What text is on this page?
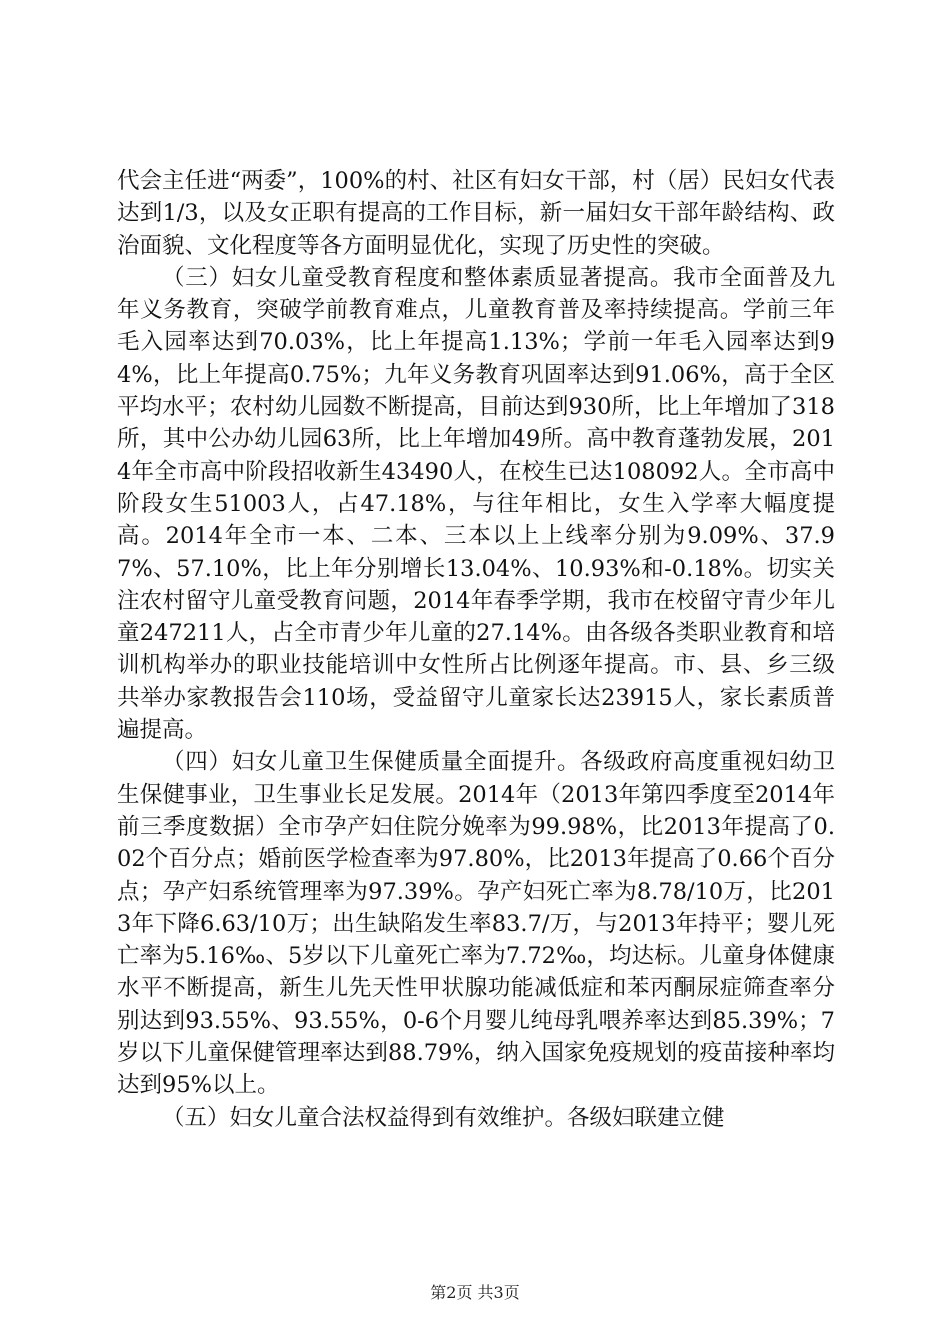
代会主任进“两委”，100%的村、社区有妇女干部，村（居）民妇女代表达到1/3，以及女正职有提高的工作目标，新一届妇女干部年龄结构、政治面貌、文化程度等各方面明显优化，实现了历史性的突破。

（三）妇女儿童受教育程度和整体素质显著提高。我市全面普及九年义务教育，突破学前教育难点，儿童教育普及率持续提高。学前三年毛入园率达到70.03%，比上年提高1.13%；学前一年毛入园率达到94%，比上年提高0.75%；九年义务教育巩固率达到91.06%，高于全区平均水平；农村幼儿园数不断提高，目前达到930所，比上年增加了318所，其中公办幼儿园63所，比上年增加49所。高中教育蓬勃发展，2014年全市高中阶段招收新生43490人，在校生已达108092人。全市高中阶段女生51003人，占47.18%，与往年相比，女生入学率大幅度提高。2014年全市一本、二本、三本以上上线率分别为9.09%、37.97%、57.10%，比上年分别增长13.04%、10.93%和-0.18%。切实关注农村留守儿童受教育问题，2014年春季学期，我市在校留守青少年儿童247211人，占全市青少年儿童的27.14%。由各级各类职业教育和培训机构举办的职业技能培训中女性所占比例逐年提高。市、县、乡三级共举办家教报告会110场，受益留守儿童家长达23915人，家长素质普遍提高。

（四）妇女儿童卫生保健质量全面提升。各级政府高度重视妇幼卫生保健事业，卫生事业长足发展。2014年（2013年第四季度至2014年前三季度数据）全市孕产妇住院分娩率为99.98%，比2013年提高了0.02个百分点；婚前医学检查率为97.80%，比2013年提高了0.66个百分点；孕产妇系统管理率为97.39%。孕产妇死亡率为8.78/10万，比2013年下降6.63/10万；出生缺陷发生率83.7/万，与2013年持平；婴儿死亡率为5.16‰、5岁以下儿童死亡率为7.72‰，均达标。儿童身体健康水平不断提高，新生儿先天性甲状腺功能减低症和苯丙酮尿症筛查率分别达到93.55%、93.55%，0-6个月婴儿纯母乳喂养率达到85.39%；7岁以下儿童保健管理率达到88.79%，纳入国家免疫规划的疫苗接种率均达到95%以上。

（五）妇女儿童合法权益得到有效维护。各级妇联建立健

第2页 共3页
